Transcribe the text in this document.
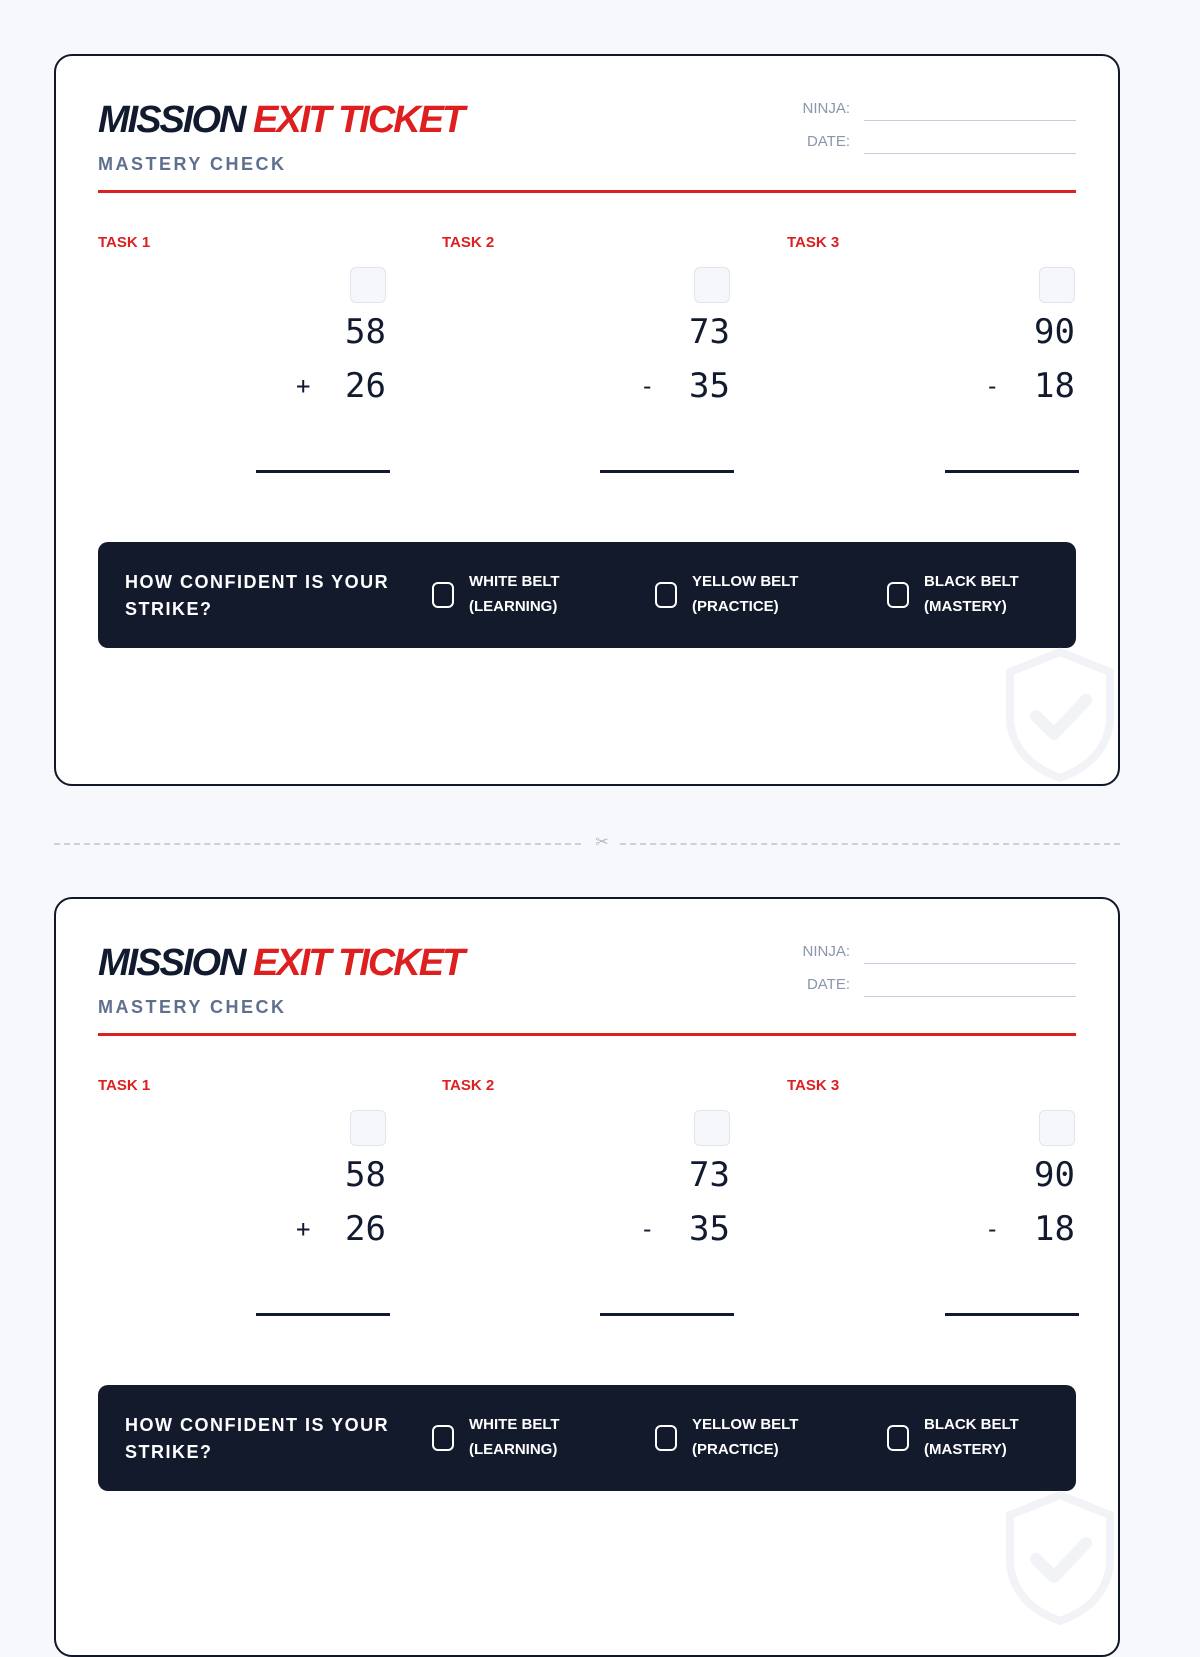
MISSION EXIT TICKET
MASTERY CHECK
NINJA:
DATE:
TASK 1
58
+	26
TASK 2
73
-	35
TASK 3
90
-	18
HOW CONFIDENT IS YOUR STRIKE?
WHITE BELT
(LEARNING)
YELLOW BELT
(PRACTICE)
BLACK BELT
(MASTERY)
✂
MISSION EXIT TICKET
MASTERY CHECK
NINJA:
DATE:
TASK 1
58
+	26
TASK 2
73
-	35
TASK 3
90
-	18
HOW CONFIDENT IS YOUR STRIKE?
WHITE BELT
(LEARNING)
YELLOW BELT
(PRACTICE)
BLACK BELT
(MASTERY)
